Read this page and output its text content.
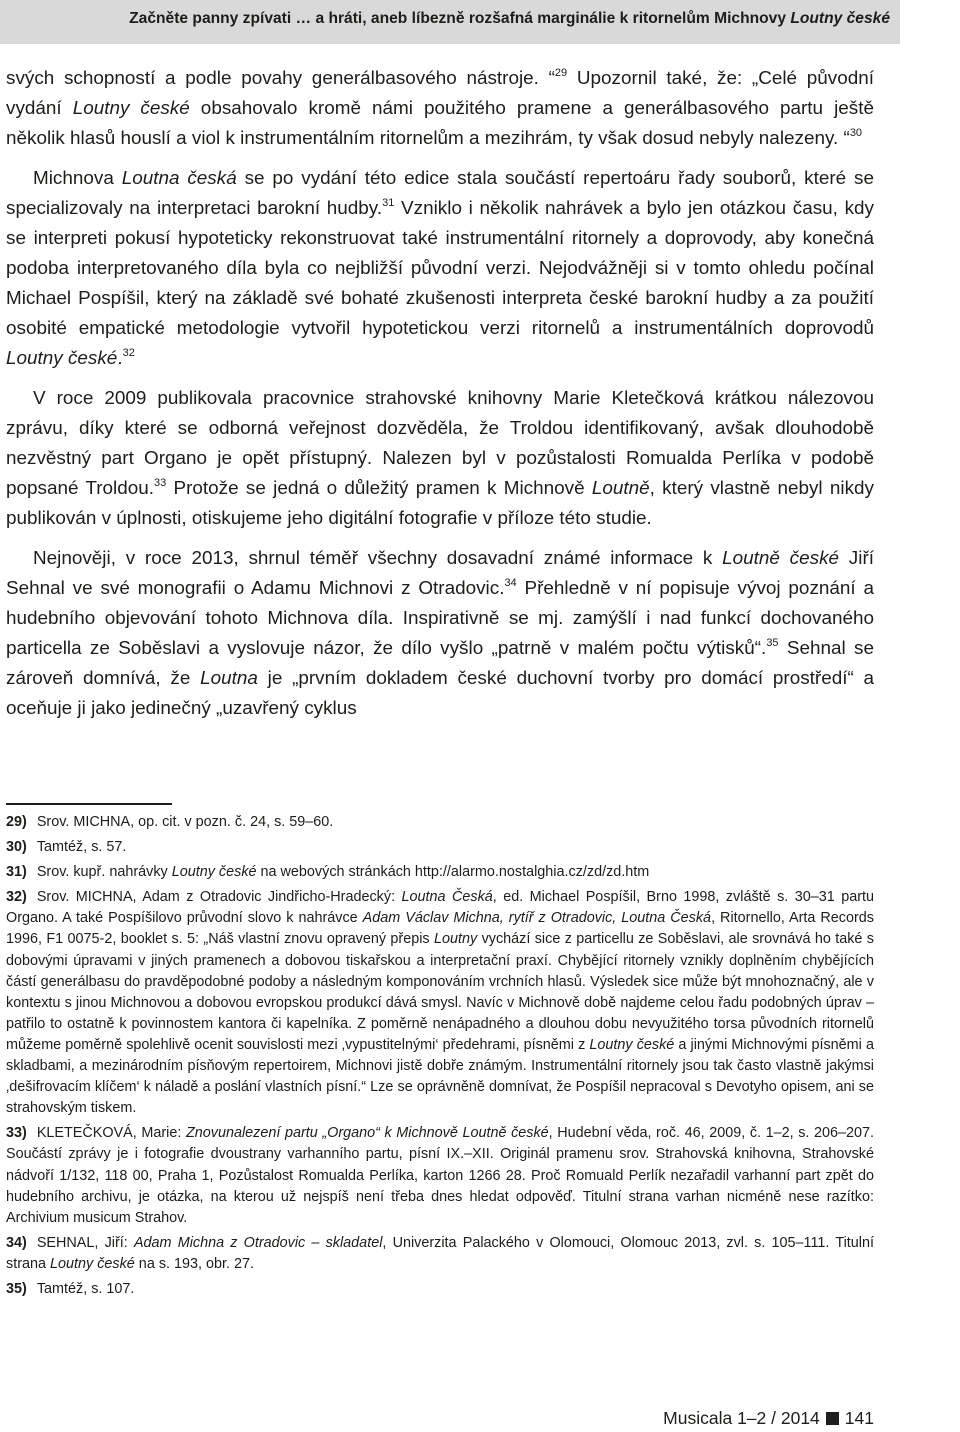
Začněte panny zpívati … a hráti, aneb líbezně rozšafná marginálie k ritornelům Michnovy Loutny české

svých schopností a podle povahy generálbasového nástroje. “$^{29}$ Upozornil také, že: „Celé původní vydání Loutny české obsahovalo kromě námi použitého pramene a generálbasového partu ještě několik hlasů houslí a viol k instrumentálním ritornelům a mezihrám, ty však dosud nebyly nalezeny. “$^{30}$

Michnova Loutna česká se po vydání této edice stala součástí repertoáru řady souborů, které se specializovaly na interpretaci barokní hudby.$^{31}$ Vzniklo i několik nahrávek a bylo jen otázkou času, kdy se interpreti pokusí hypoteticky rekonstruovat také instrumentální ritornely a doprovody, aby konečná podoba interpretovaného díla byla co nejbližší původní verzi. Nejodvážněji si v tomto ohledu počínal Michael Pospíšil, který na základě své bohaté zkušenosti interpreta české barokní hudby a za použití osobité empatické metodologie vytvořil hypotetickou verzi ritornelů a instrumentálních doprovodů Loutny české.$^{32}$

V roce 2009 publikovala pracovnice strahovské knihovny Marie Kletečková krátkou nálezovou zprávu, díky které se odborná veřejnost dozvěděla, že Troldou identifikovaný, avšak dlouhodobě nezvěstný part Organo je opět přístupný. Nalezen byl v pozůstalosti Romualda Perlíka v podobě popsané Troldou.$^{33}$ Protože se jedná o důležitý pramen k Michnově Loutně, který vlastně nebyl nikdy publikován v úplnosti, otiskujeme jeho digitální fotografie v příloze této studie.

Nejnověji, v roce 2013, shrnul téměř všechny dosavadní známé informace k Loutně české Jiří Sehnal ve své monografii o Adamu Michnovi z Otradovic.$^{34}$ Přehledně v ní popisuje vývoj poznání a hudebního objevování tohoto Michnova díla. Inspirativně se mj. zamýšlí i nad funkcí dochovaného particella ze Soběslavi a vyslovuje názor, že dílo vyšlo „patrně v malém počtu výtisků“.$^{35}$ Sehnal se zároveň domnívá, že Loutna je „prvním dokladem české duchovní tvorby pro domácí prostředí“ a oceňuje ji jako jedinečný „uzavřený cyklus

29) Srov. MICHNA, op. cit. v pozn. č. 24, s. 59–60.
30) Tamtéž, s. 57.
31) Srov. kupř. nahrávky Loutny české na webových stránkách http://alarmo.nostalghia.cz/zd/zd.htm
32) Srov. MICHNA, Adam z Otradovic Jindřicho-Hradecký: Loutna Česká, ed. Michael Pospíšil, Brno 1998, zvláště s. 30–31 partu Organo. A také Pospíšilovo průvodní slovo k nahrávce Adam Václav Michna, rytíř z Otradovic, Loutna Česká, Ritornello, Arta Records 1996, F1 0075-2, booklet s. 5: „Náš vlastní znovu opravený přepis Loutny vychází sice z particellu ze Soběslavi, ale srovnává ho také s dobovými úpravami v jiných pramenech a dobovou tiskařskou a interpretační praxí. Chybějící ritornely vznikly doplněním chybějících částí generálbasu do pravděpodobné podoby a následným komponováním vrchních hlasů. Výsledek sice může být mnohoznačný, ale v kontextu s jinou Michnovou a dobovou evropskou produkcí dává smysl. Navíc v Michnově době najdeme celou řadu podobných úprav – patřilo to ostatně k povinnostem kantora či kapelníka. Z poměrně nenápadného a dlouhou dobu nevyužitého torsa původních ritornelů můžeme poměrně spolehlivě ocenit souvislosti mezi ‚vypustitelnými‘ předehrami, písněmi z Loutny české a jinými Michnovými písněmi a skladbami, a mezinárodním písňovým repertoirem, Michnovi jistě dobře známým. Instrumentální ritornely jsou tak často vlastně jakýmsi ‚dešifrovacím klíčem‘ k náladě a poslání vlastních písní.“ Lze se oprávněně domnívat, že Pospíšil nepracoval s Devotyho opisem, ani se strahovským tiskem.
33) KLETEČKOVÁ, Marie: Znovunalezení partu „Organo“ k Michnově Loutně české, Hudební věda, roč. 46, 2009, č. 1–2, s. 206–207. Součástí zprávy je i fotografie dvoustrany varhanního partu, písní IX.–XII. Originál pramenu srov. Strahovská knihovna, Strahovské nádvoří 1/132, 118 00, Praha 1, Pozůstalost Romualda Perlíka, karton 1266 28. Proč Romuald Perlík nezařadil varhanní part zpět do hudebního archivu, je otázka, na kterou už nejspíš není třeba dnes hledat odpověď. Titulní strana varhan nicméně nese razítko: Archivium musicum Strahov.
34) SEHNAL, Jiří: Adam Michna z Otradovic – skladatel, Univerzita Palackého v Olomouci, Olomouc 2013, zvl. s. 105–111. Titulní strana Loutny české na s. 193, obr. 27.
35) Tamtéž, s. 107.
Musicala 1–2 / 2014 141
